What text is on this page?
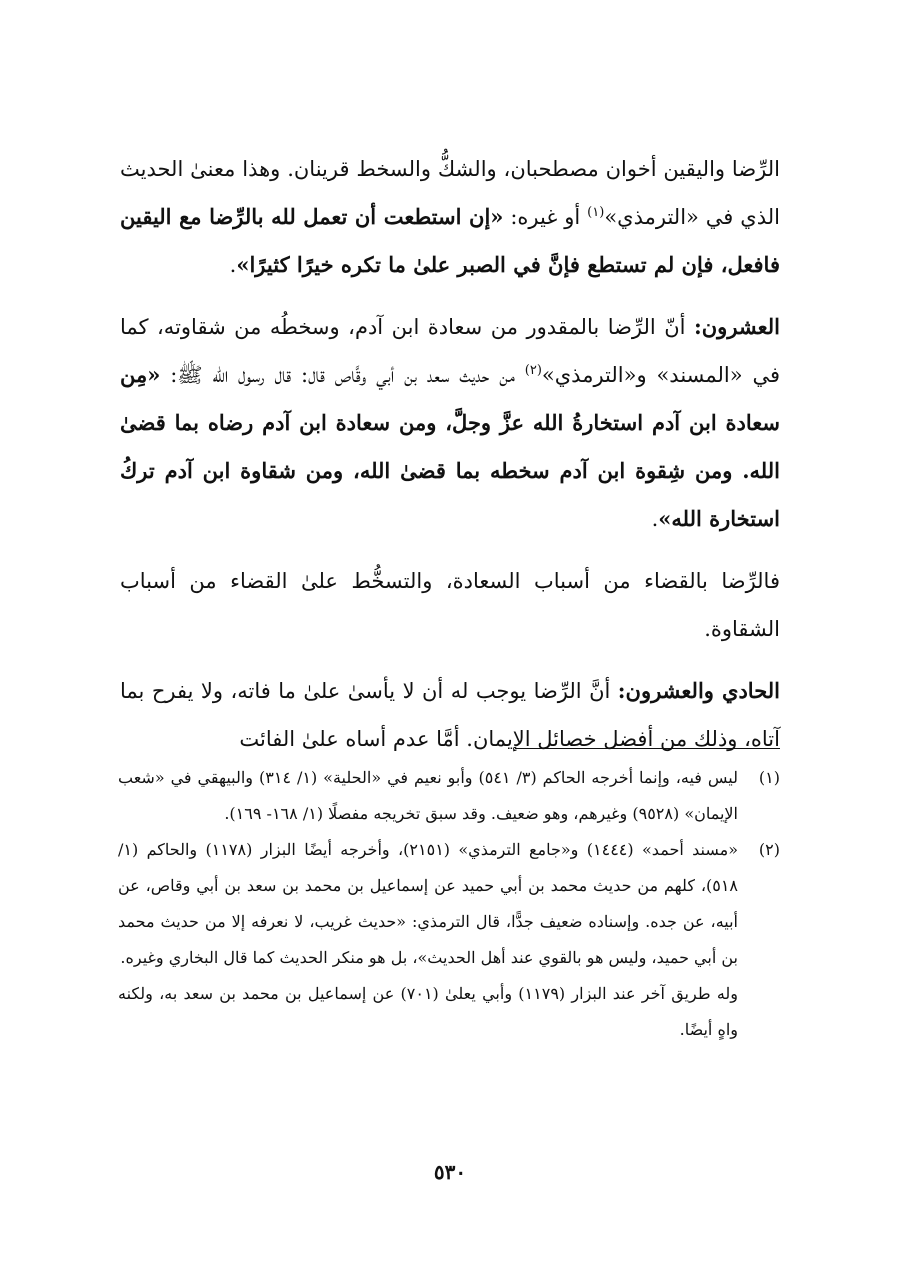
الرِّضا واليقين أخوان مصطحبان، والشكُّ والسخط قرينان. وهذا معنىٰ الحديث الذي في «الترمذي»$^{(١)}$ أو غيره: «إن استطعت أن تعمل لله بالرِّضا مع اليقين فافعل، فإن لم تستطع فإنَّ في الصبر علىٰ ما تكره خيرًا كثيرًا».

العشرون: أنّ الرِّضا بالمقدور من سعادة ابن آدم، وسخطُه من شقاوته، كما في «المسند» و«الترمذي»$^{(٢)}$ من حديث سعد بن أبي وقَّاص قال: قال رسول الله ﷺ: «مِن سعادة ابن آدم استخارةُ الله عزَّ وجلَّ، ومن سعادة ابن آدم رضاه بما قضىٰ الله. ومن شِقوة ابن آدم سخطه بما قضىٰ الله، ومن شقاوة ابن آدم تركُ استخارة الله».

فالرِّضا بالقضاء من أسباب السعادة، والتسخُّط علىٰ القضاء من أسباب الشقاوة.

الحادي والعشرون: أنَّ الرِّضا يوجب له أن لا يأسىٰ علىٰ ما فاته، ولا يفرح بما آتاه، وذلك من أفضل خصائل الإيمان. أمَّا عدم أساه علىٰ الفائت

(١)

ليس فيه، وإنما أخرجه الحاكم (٣/ ٥٤١) وأبو نعيم في «الحلية» (١/ ٣١٤) والبيهقي في «شعب الإيمان» (٩٥٢٨) وغيرهم، وهو ضعيف. وقد سبق تخريجه مفصلًا (١/ ١٦٨- ١٦٩).

(٢)

«مسند أحمد» (١٤٤٤) و«جامع الترمذي» (٢١٥١)، وأخرجه أيضًا البزار (١١٧٨) والحاكم (١/ ٥١٨)، كلهم من حديث محمد بن أبي حميد عن إسماعيل بن محمد بن سعد بن أبي وقاص، عن أبيه، عن جده. وإسناده ضعيف جدًّا، قال الترمذي: «حديث غريب، لا نعرفه إلا من حديث محمد بن أبي حميد، وليس هو بالقوي عند أهل الحديث»، بل هو منكر الحديث كما قال البخاري وغيره.

وله طريق آخر عند البزار (١١٧٩) وأبي يعلىٰ (٧٠١) عن إسماعيل بن محمد بن سعد به، ولكنه واهٍ أيضًا.

٥٣٠
